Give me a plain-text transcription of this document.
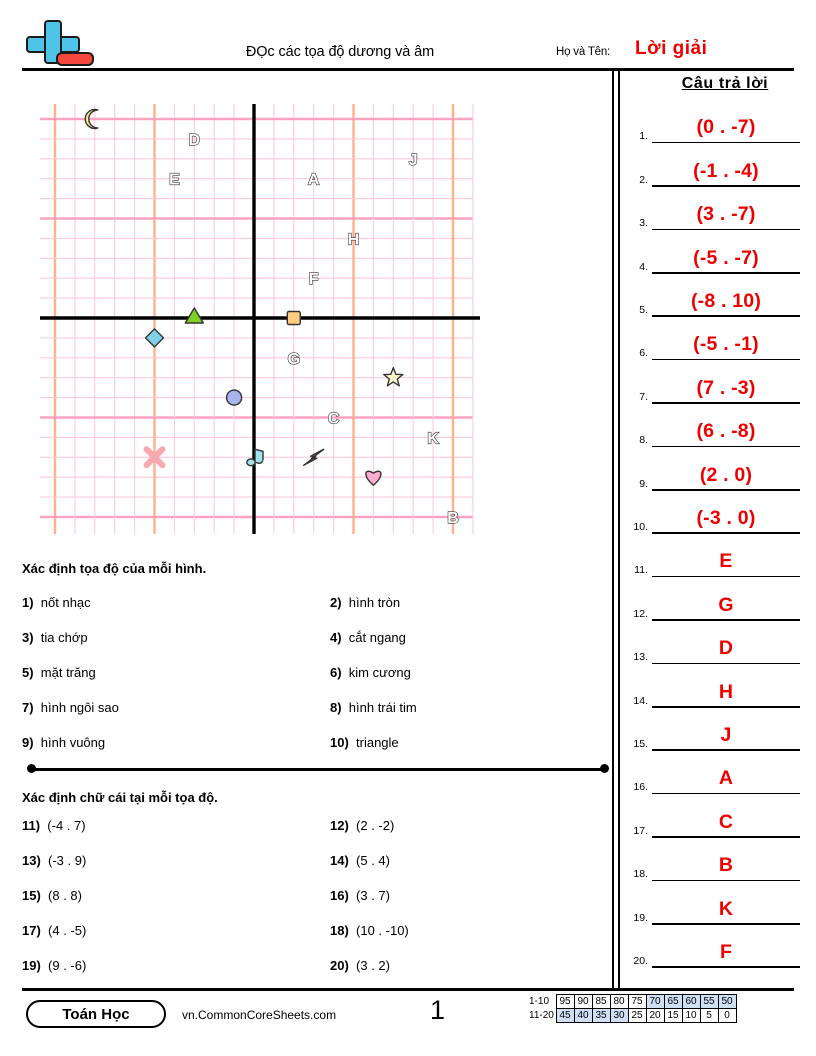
ĐỌc các tọa độ dương và âm	Họ và Tên: Lời giải
Câu trả lời
1.	(0 . -7)
2.	(-1 . -4)
3.	(3 . -7)
4.	(-5 . -7)
5.	(-8 . 10)
6.	(-5 . -1)
7.	(7 . -3)
8.	(6 . -8)
9.	(2 . 0)
10.	(-3 . 0)
11.	E
12.	G
13.	D
14.	H
15.	J
16.	A
17.	C
18.	B
19.	K
20.	F
D
E	A
J
H
F
G
C
K
B
Xác định tọa độ của mỗi hình.
1)  nốt nhạc	2)  hình tròn
3)  tia chớp	4)  cắt ngang
5)  mặt trăng	6)  kim cương
7)  hình ngôi sao	8)  hình trái tim
9)  hình vuông	10)  triangle
Xác định chữ cái tại mỗi tọa độ.
11)  (-4 . 7)	12)  (2 . -2)
13)  (-3 . 9)	14)  (5 . 4)
15)  (8 . 8)	16)  (3 . 7)
17)  (4 . -5)	18)  (10 . -10)
19)  (9 . -6)	20)  (3 . 2)
Toán Học	vn.CommonCoreSheets.com	1	1-10	95	90	85	80	75	70	65	60	55	50
11-20	45	40	35	30	25	20	15	10	5	0
